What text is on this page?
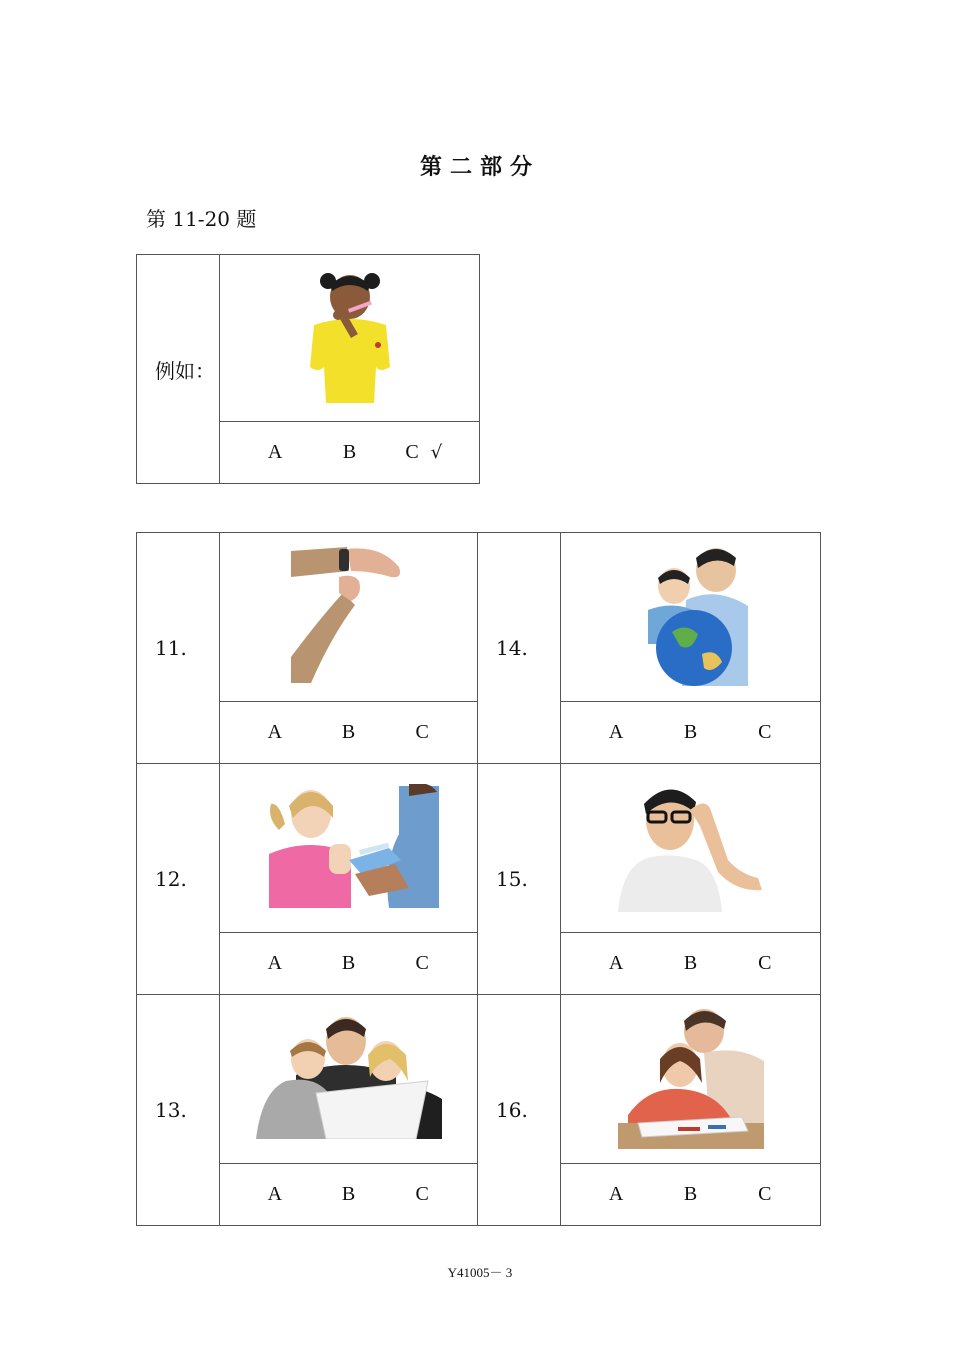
第二部分
第 11-20 题
例如：	

A	B	C √
11.		14.	

	A B C		A B C

12.		15.	

	A B C		A B C

13.		16.	

	A B C		A B C
Y41005－ 3
